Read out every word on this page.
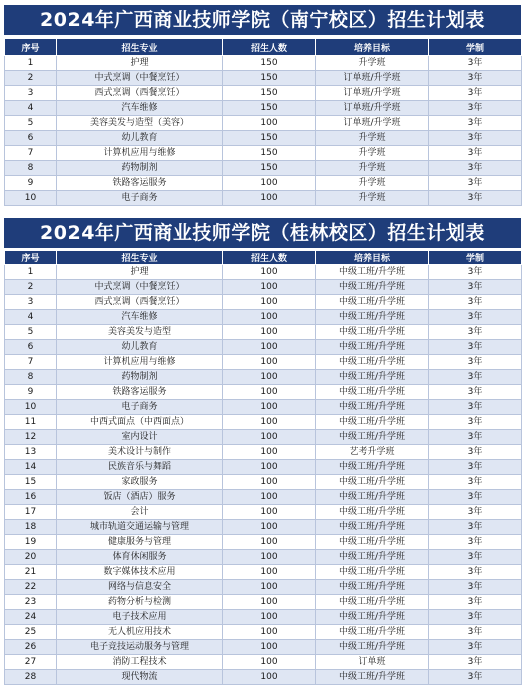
2024年广西商业技师学院（南宁校区）招生计划表
序号	招生专业	招生人数	培养目标	学制
1	护理	150	升学班	3年
2	中式烹调（中餐烹饪）	150	订单班/升学班	3年
3	西式烹调（西餐烹饪）	150	订单班/升学班	3年
4	汽车维修	150	订单班/升学班	3年
5	美容美发与造型（美容）	100	订单班/升学班	3年
6	幼儿教育	150	升学班	3年
7	计算机应用与维修	150	升学班	3年
8	药物制剂	150	升学班	3年
9	铁路客运服务	100	升学班	3年
10	电子商务	100	升学班	3年
2024年广西商业技师学院（桂林校区）招生计划表
序号	招生专业	招生人数	培养目标	学制
1	护理	100	中级工班/升学班	3年
2	中式烹调（中餐烹饪）	100	中级工班/升学班	3年
3	西式烹调（西餐烹饪）	100	中级工班/升学班	3年
4	汽车维修	100	中级工班/升学班	3年
5	美容美发与造型	100	中级工班/升学班	3年
6	幼儿教育	100	中级工班/升学班	3年
7	计算机应用与维修	100	中级工班/升学班	3年
8	药物制剂	100	中级工班/升学班	3年
9	铁路客运服务	100	中级工班/升学班	3年
10	电子商务	100	中级工班/升学班	3年
11	中西式面点（中西面点）	100	中级工班/升学班	3年
12	室内设计	100	中级工班/升学班	3年
13	美术设计与制作	100	艺考升学班	3年
14	民族音乐与舞蹈	100	中级工班/升学班	3年
15	家政服务	100	中级工班/升学班	3年
16	饭店（酒店）服务	100	中级工班/升学班	3年
17	会计	100	中级工班/升学班	3年
18	城市轨道交通运输与管理	100	中级工班/升学班	3年
19	健康服务与管理	100	中级工班/升学班	3年
20	体育休闲服务	100	中级工班/升学班	3年
21	数字媒体技术应用	100	中级工班/升学班	3年
22	网络与信息安全	100	中级工班/升学班	3年
23	药物分析与检测	100	中级工班/升学班	3年
24	电子技术应用	100	中级工班/升学班	3年
25	无人机应用技术	100	中级工班/升学班	3年
26	电子竞技运动服务与管理	100	中级工班/升学班	3年
27	消防工程技术	100	订单班	3年
28	现代物流	100	中级工班/升学班	3年
